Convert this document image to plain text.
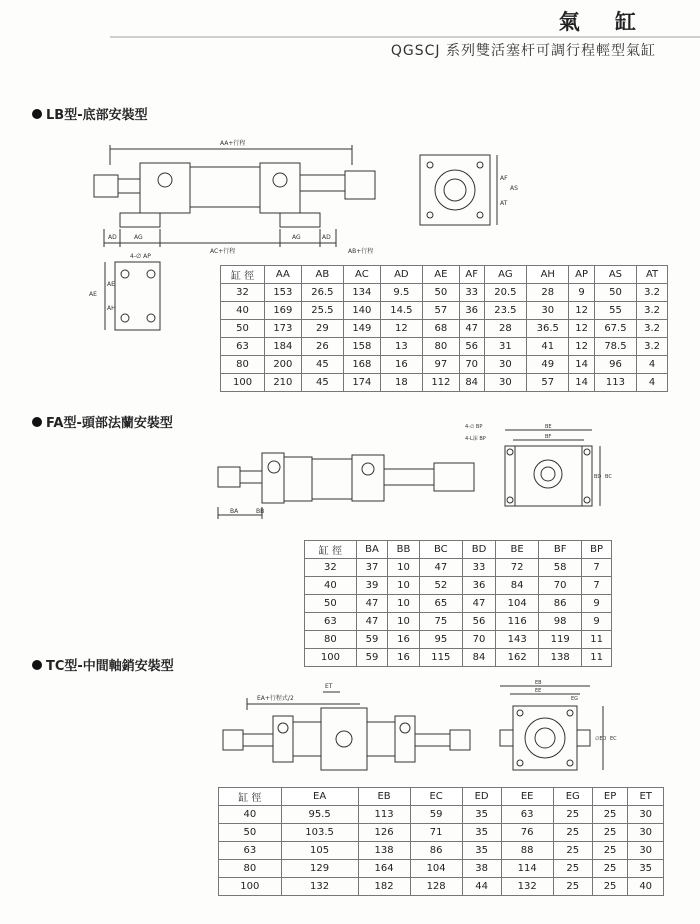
氣 缸
QGSCJ 系列雙活塞杆可調行程輕型氣缸
LB型-底部安裝型
AA+行程
AD	AG
AC+行程
AG	AD
AB+行程
AF
AT
AS
4-∅ AP
AE
AE
AH
缸 徑	AA	AB	AC	AD	AE	AF	AG	AH	AP	AS	AT
32	153	26.5	134	9.5	50	33	20.5	28	9	50	3.2
40	169	25.5	140	14.5	57	36	23.5	30	12	55	3.2
50	173	29	149	12	68	47	28	36.5	12	67.5	3.2
63	184	26	158	13	80	56	31	41	12	78.5	3.2
80	200	45	168	16	97	70	30	49	14	96	4
100	210	45	174	18	112	84	30	57	14	113	4
FA型-頭部法蘭安裝型
BA	BB
4-∅ BP
4-L深 BP
BE
BF
BD BC
缸 徑	BA	BB	BC	BD	BE	BF	BP
32	37	10	47	33	72	58	7
40	39	10	52	36	84	70	7
50	47	10	65	47	104	86	9
63	47	10	75	56	116	98	9
80	59	16	95	70	143	119	11
100	59	16	115	84	162	138	11
TC型-中間軸銷安裝型
EA+行程式/2
ET	EB
EE
EG
∅ED EC
缸 徑	EA	EB	EC	ED	EE	EG	EP	ET
40	95.5	113	59	35	63	25	25	30
50	103.5	126	71	35	76	25	25	30
63	105	138	86	35	88	25	25	30
80	129	164	104	38	114	25	25	35
100	132	182	128	44	132	25	25	40
